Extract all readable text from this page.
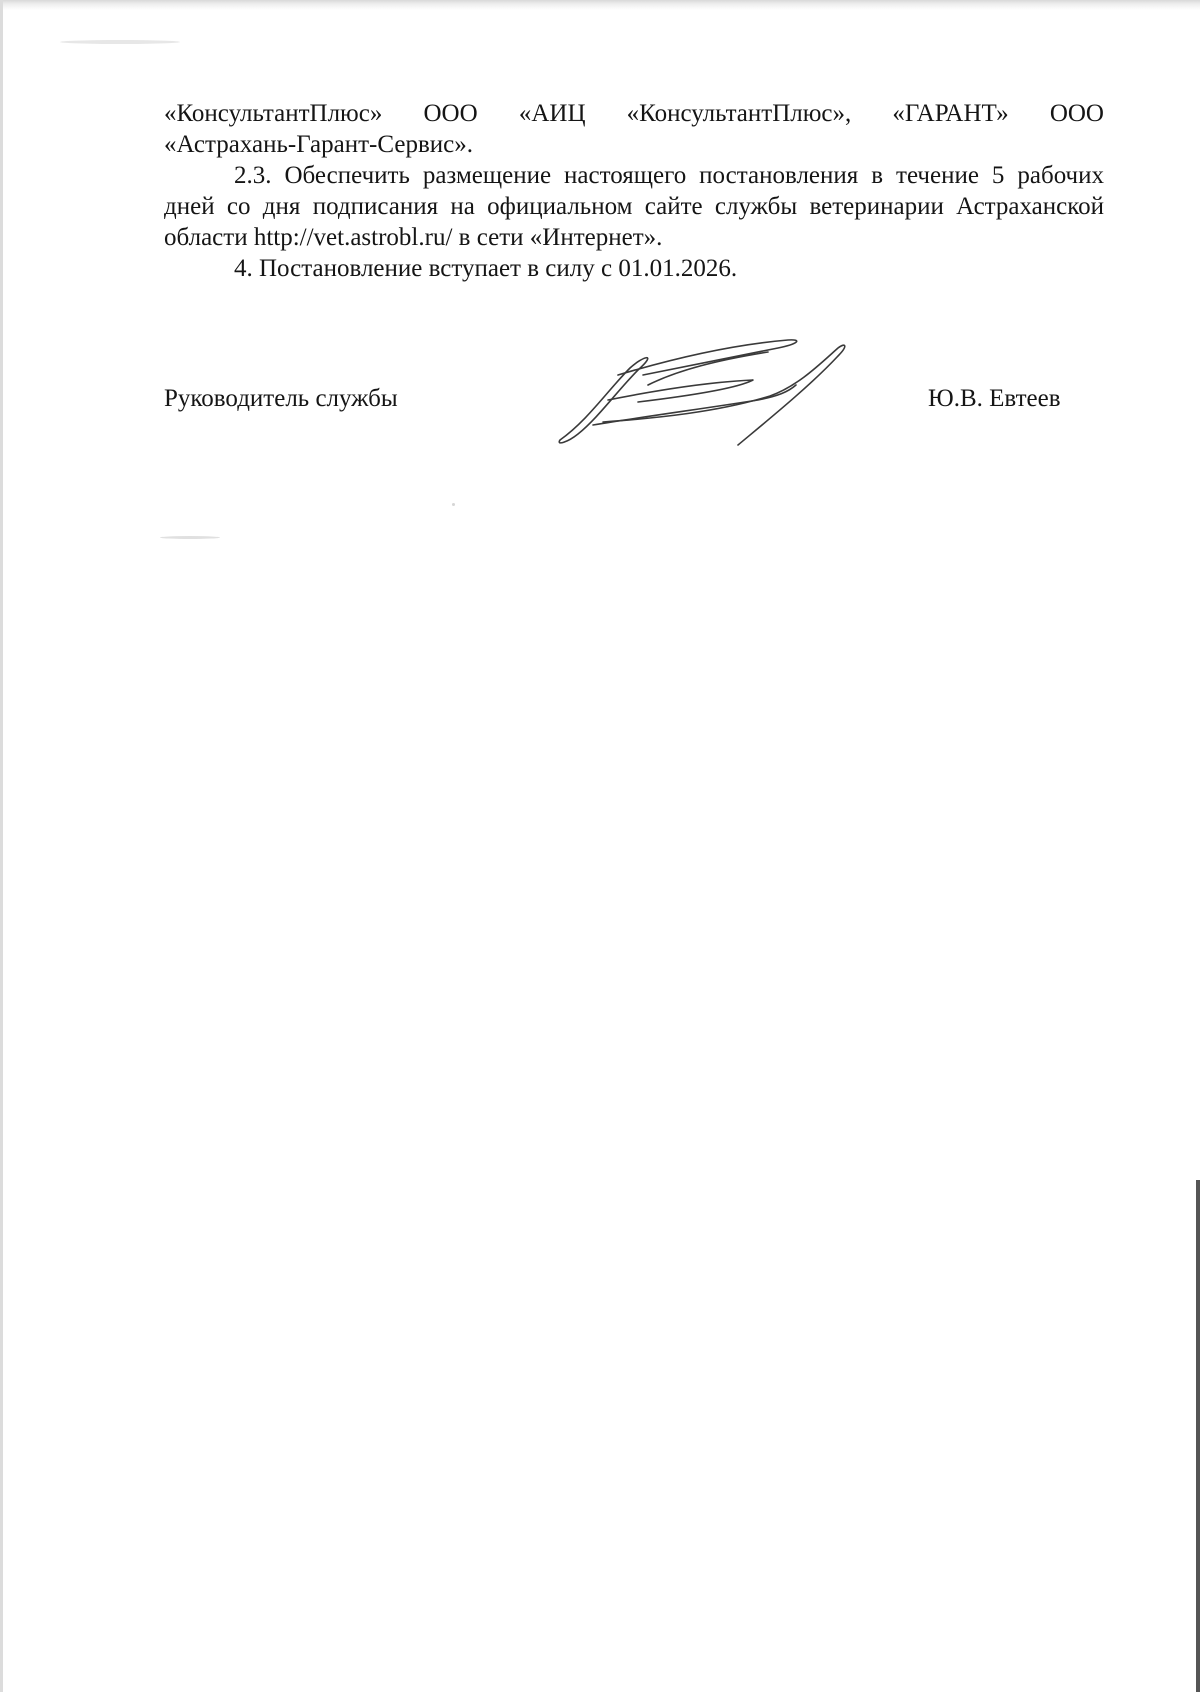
«КонсультантПлюс» ООО «АИЦ «КонсультантПлюс», «ГАРАНТ» ООО

«Астрахань-Гарант-Сервис».

2.3. Обеспечить размещение настоящего постановления в течение 5 рабочих дней со дня подписания на официальном сайте службы ветеринарии Астраханской области http://vet.astrobl.ru/ в сети «Интернет».

4. Постановление вступает в силу с 01.01.2026.

Руководитель службы	Ю.В. Евтеев
